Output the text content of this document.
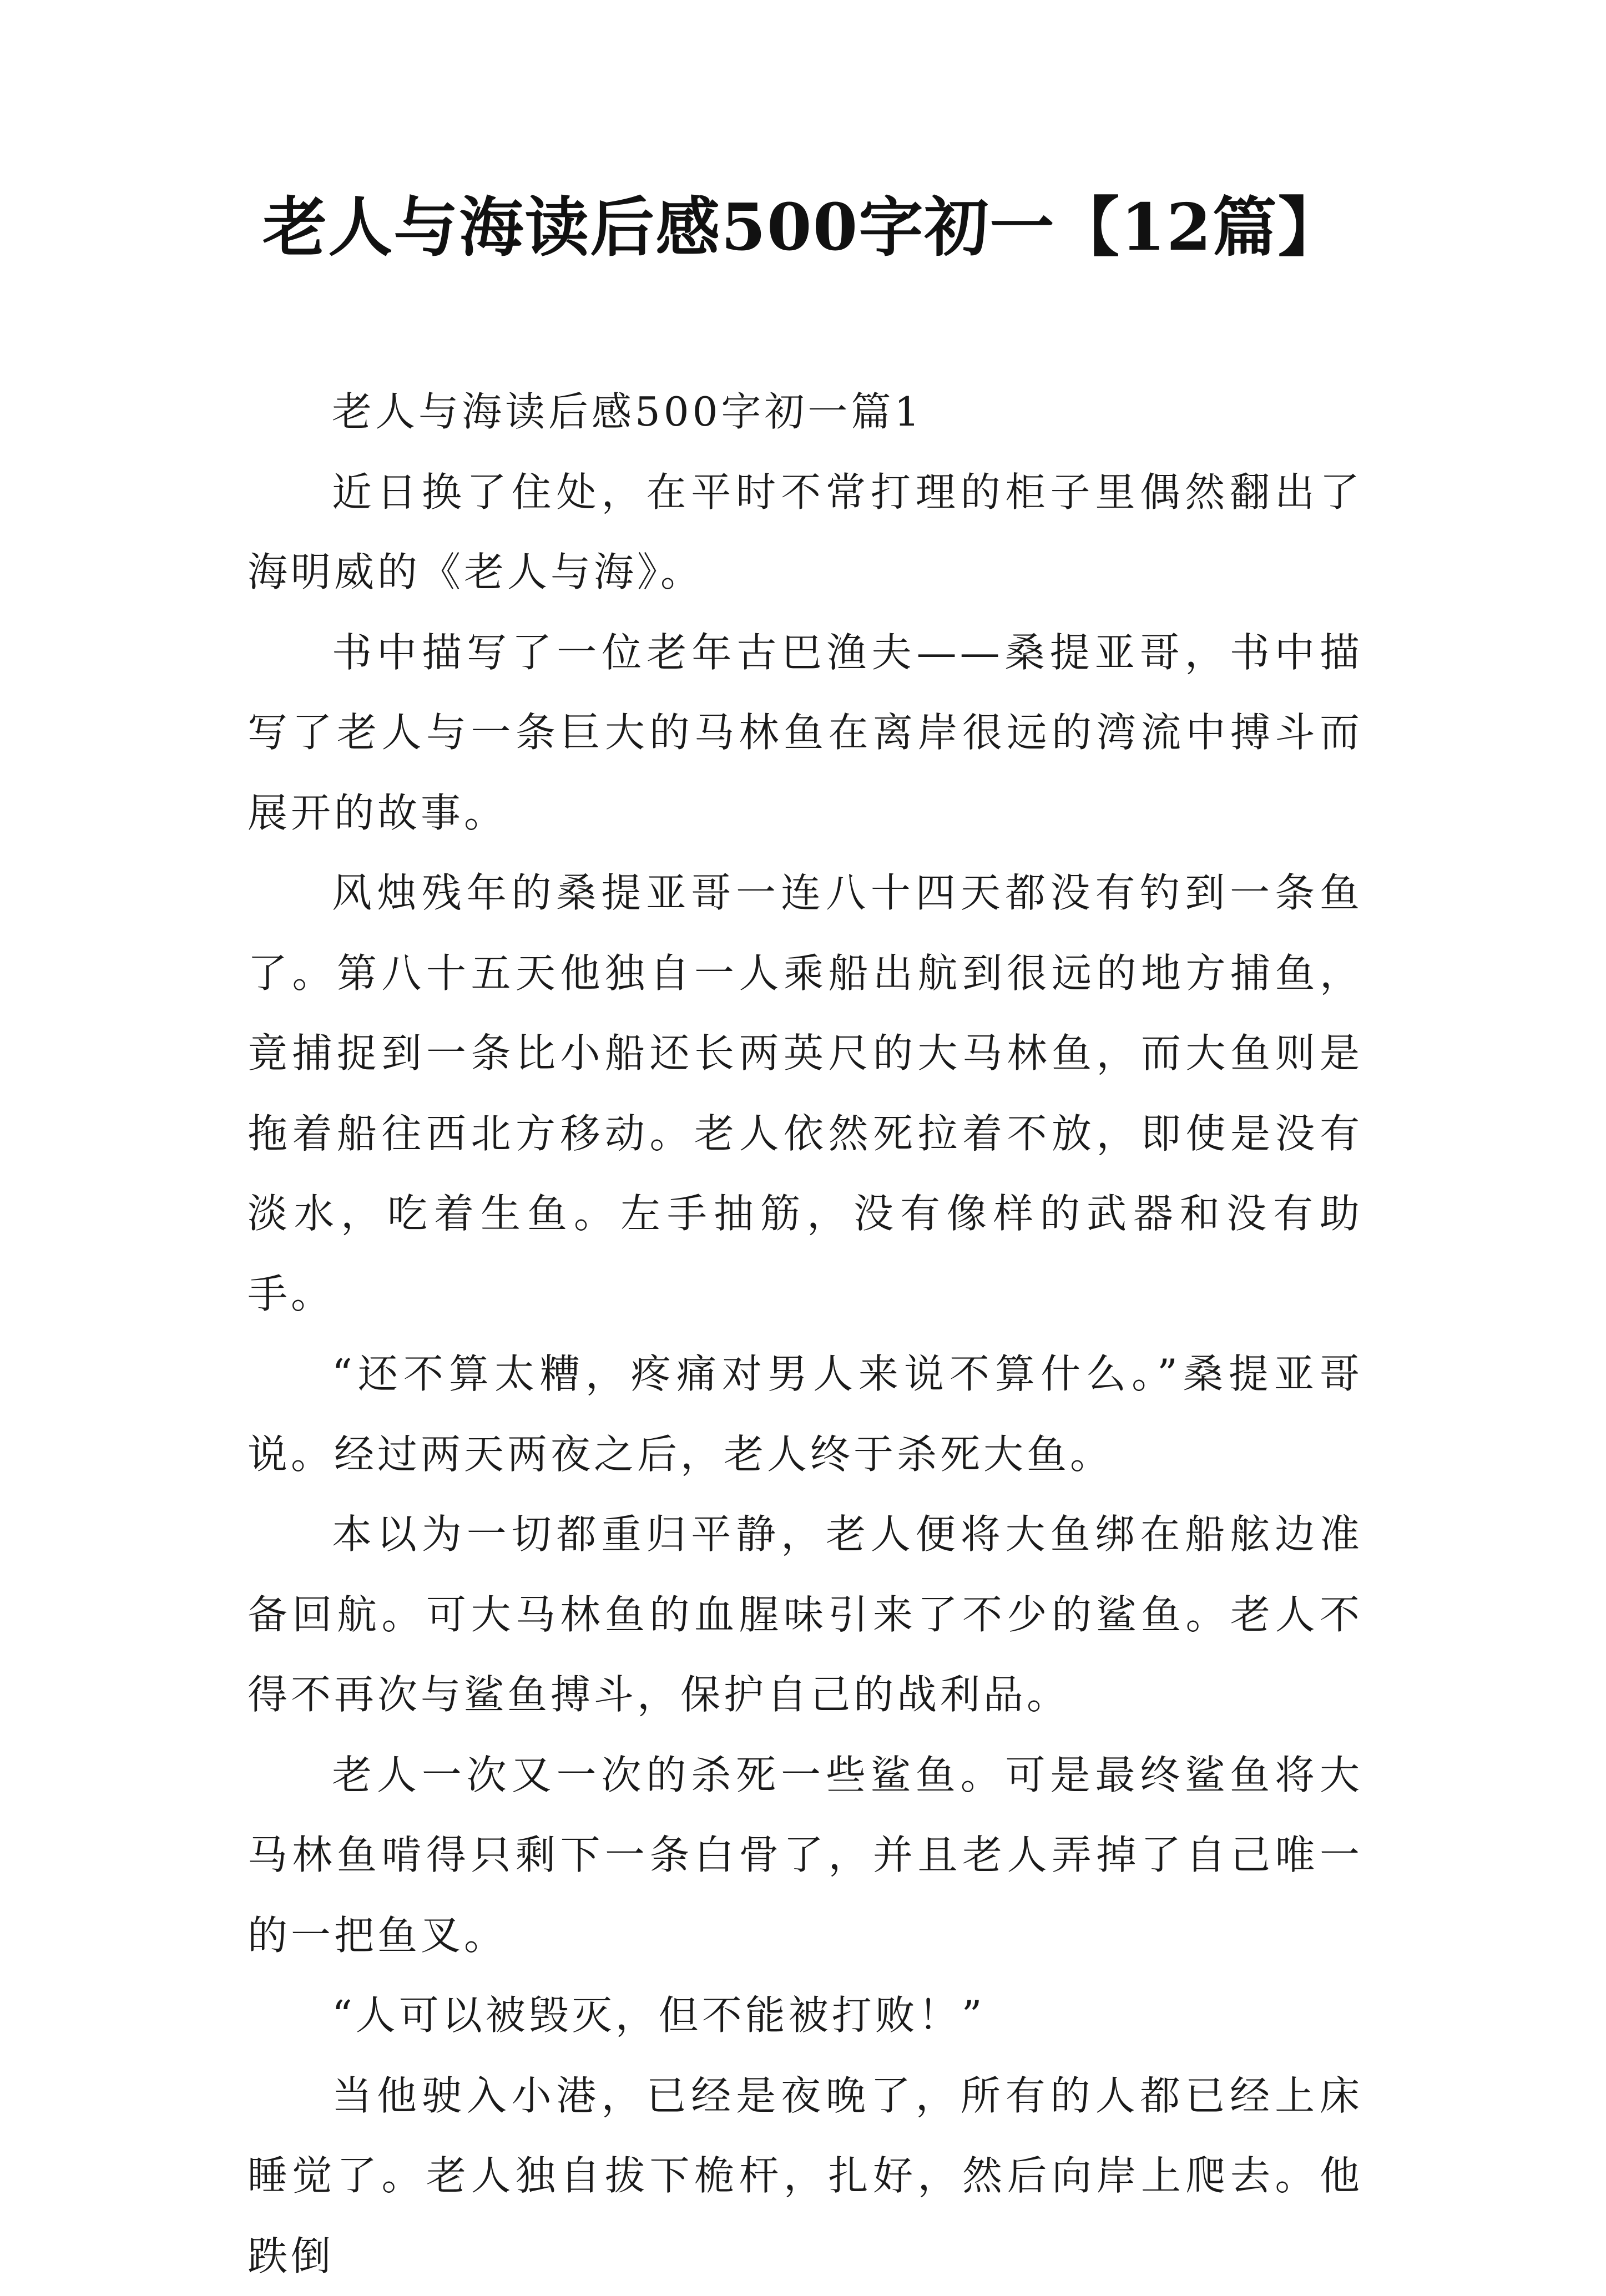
老人与海读后感500字初一【12篇】

老人与海读后感500字初一篇1

近日换了住处，在平时不常打理的柜子里偶然翻出了海明威的《老人与海》。

书中描写了一位老年古巴渔夫——桑提亚哥，书中描写了老人与一条巨大的马林鱼在离岸很远的湾流中搏斗而展开的故事。

风烛残年的桑提亚哥一连八十四天都没有钓到一条鱼了。第八十五天他独自一人乘船出航到很远的地方捕鱼，竟捕捉到一条比小船还长两英尺的大马林鱼，而大鱼则是拖着船往西北方移动。老人依然死拉着不放，即使是没有淡水，吃着生鱼。左手抽筋，没有像样的武器和没有助手。

“还不算太糟，疼痛对男人来说不算什么。”桑提亚哥说。经过两天两夜之后，老人终于杀死大鱼。

本以为一切都重归平静，老人便将大鱼绑在船舷边准备回航。可大马林鱼的血腥味引来了不少的鲨鱼。老人不得不再次与鲨鱼搏斗，保护自己的战利品。

老人一次又一次的杀死一些鲨鱼。可是最终鲨鱼将大马林鱼啃得只剩下一条白骨了，并且老人弄掉了自己唯一的一把鱼叉。

“人可以被毁灭，但不能被打败！”

当他驶入小港，已经是夜晚了，所有的人都已经上床睡觉了。老人独自拔下桅杆，扎好，然后向岸上爬去。他跌倒
